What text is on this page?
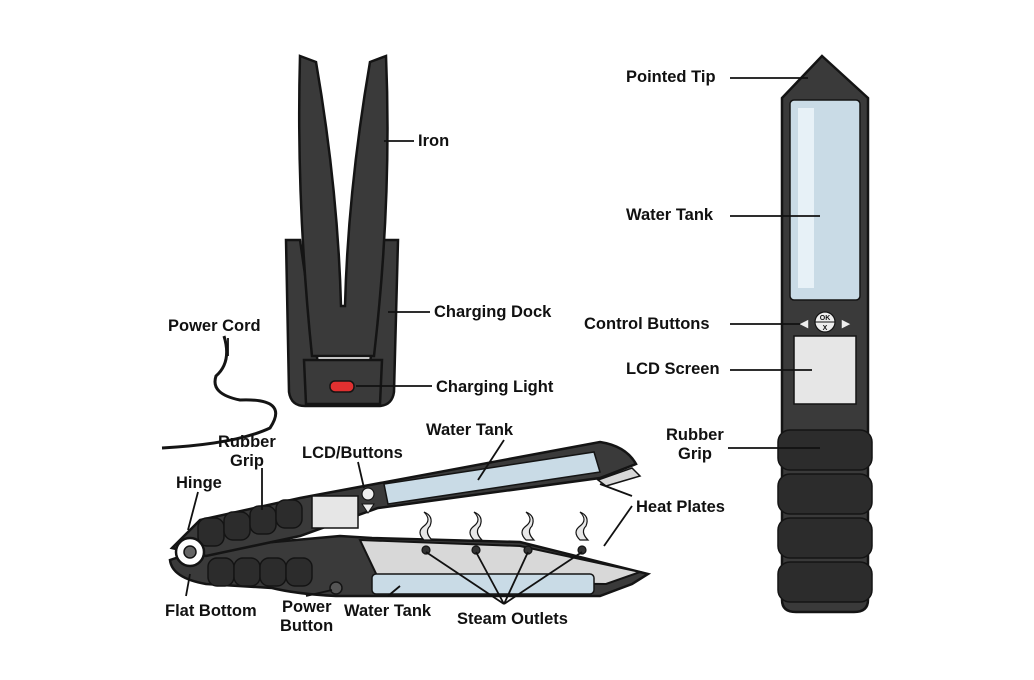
OK
X
◀	▶
Iron
Charging Dock
Power Cord
Charging Light
Rubber
Grip LCD/Buttons
Water Tank
Hinge
Heat Plates
Flat Bottom Power
Button
Water Tank Steam Outlets
Pointed Tip
Water Tank
Control Buttons
LCD Screen
Rubber
Grip
